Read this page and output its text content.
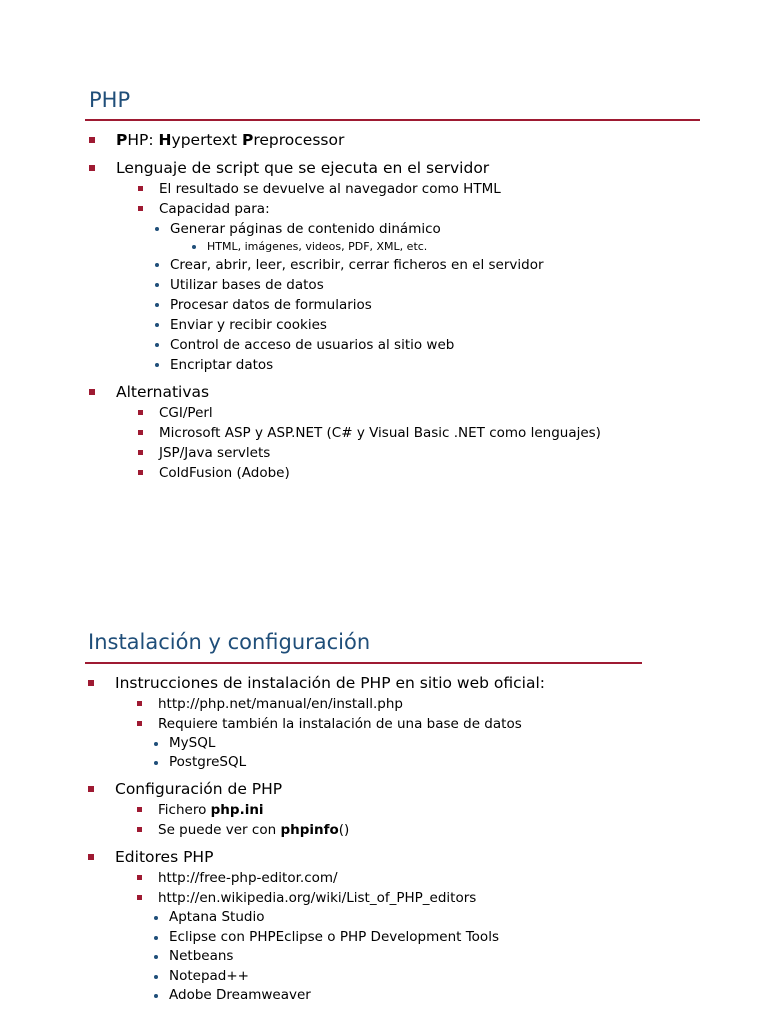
PHP
PHP: Hypertext Preprocessor
Lenguaje de script que se ejecuta en el servidor
El resultado se devuelve al navegador como HTML
Capacidad para:
Generar páginas de contenido dinámico
HTML, imágenes, videos, PDF, XML, etc.
Crear, abrir, leer, escribir, cerrar ficheros en el servidor
Utilizar bases de datos
Procesar datos de formularios
Enviar y recibir cookies
Control de acceso de usuarios al sitio web
Encriptar datos
Alternativas
CGI/Perl
Microsoft ASP y ASP.NET (C# y Visual Basic .NET como lenguajes)
JSP/Java servlets
ColdFusion (Adobe)
Instalación y configuración
Instrucciones de instalación de PHP en sitio web oficial:
http://php.net/manual/en/install.php
Requiere también la instalación de una base de datos
MySQL
PostgreSQL
Configuración de PHP
Fichero php.ini
Se puede ver con phpinfo()
Editores PHP
http://free-php-editor.com/
http://en.wikipedia.org/wiki/List_of_PHP_editors
Aptana Studio
Eclipse con PHPEclipse o PHP Development Tools
Netbeans
Notepad++
Adobe Dreamweaver
